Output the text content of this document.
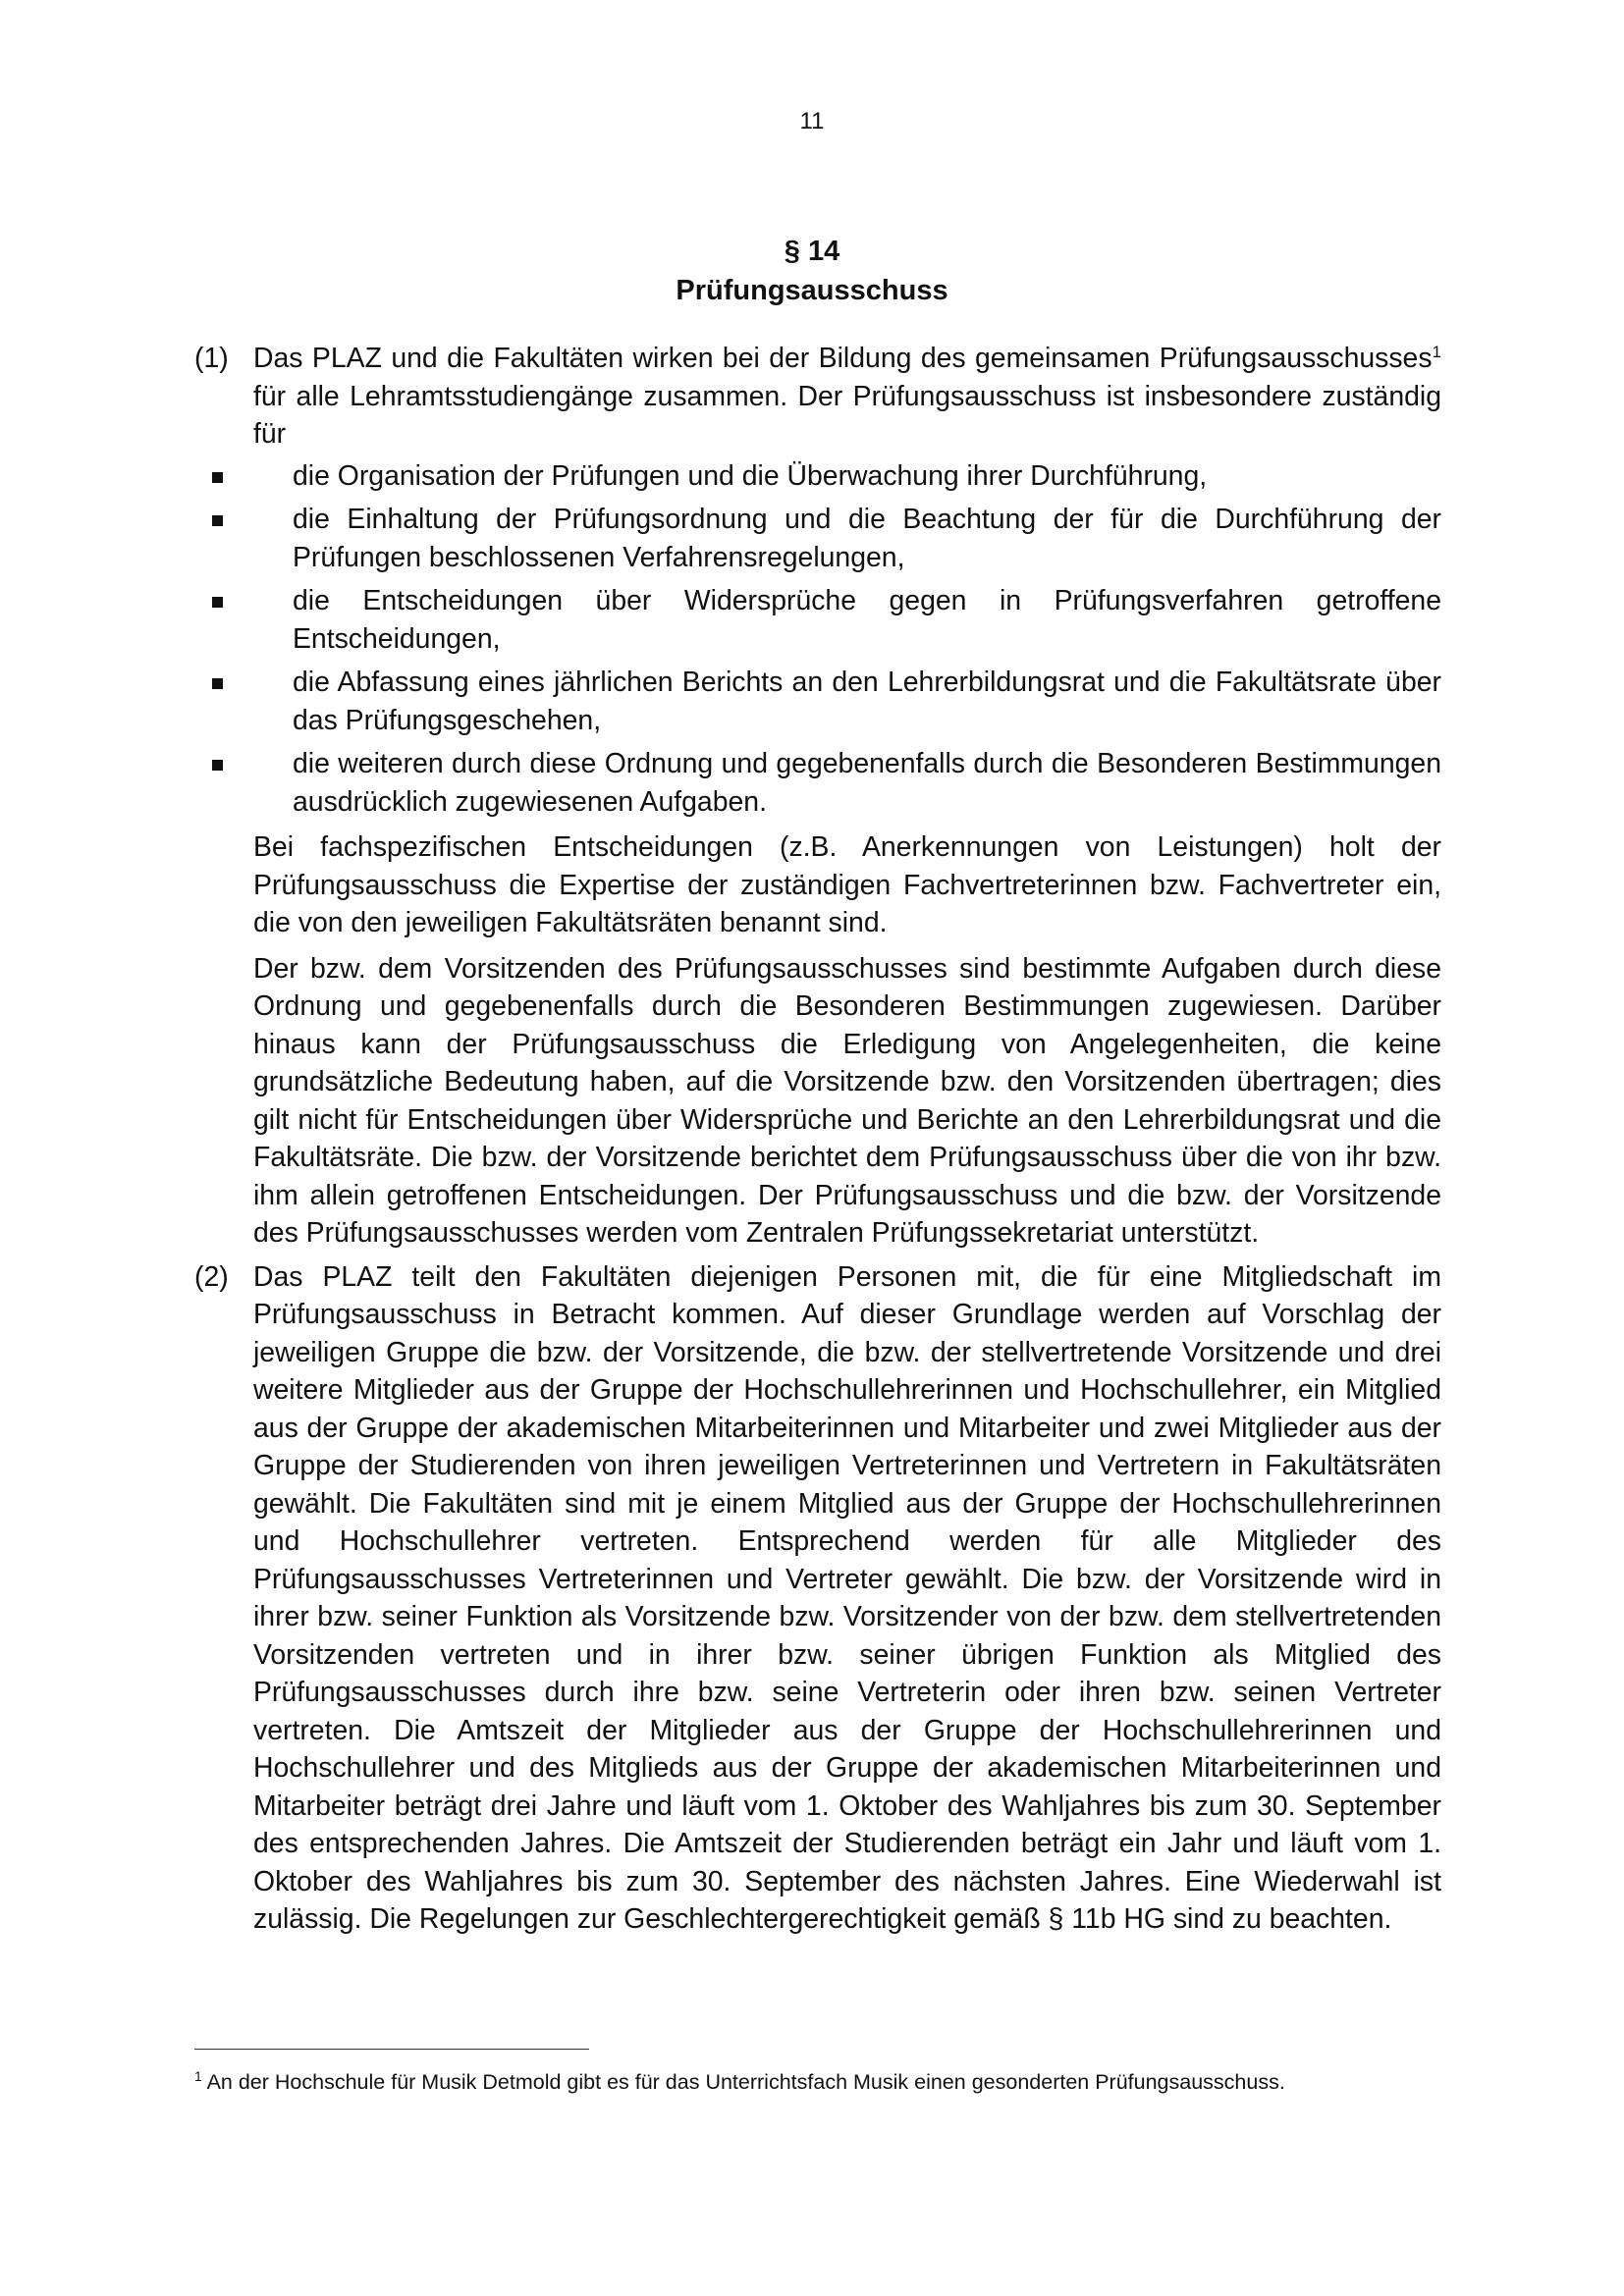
11
§ 14
Prüfungsausschuss
(1) Das PLAZ und die Fakultäten wirken bei der Bildung des gemeinsamen Prüfungsausschusses$^1$ für alle Lehramtsstudiengänge zusammen. Der Prüfungsausschuss ist insbesondere zuständig für
die Organisation der Prüfungen und die Überwachung ihrer Durchführung,
die Einhaltung der Prüfungsordnung und die Beachtung der für die Durchführung der Prüfungen beschlossenen Verfahrensregelungen,
die Entscheidungen über Widersprüche gegen in Prüfungsverfahren getroffene Entscheidungen,
die Abfassung eines jährlichen Berichts an den Lehrerbildungsrat und die Fakultätsrate über das Prüfungsgeschehen,
die weiteren durch diese Ordnung und gegebenenfalls durch die Besonderen Bestimmungen ausdrücklich zugewiesenen Aufgaben.

Bei fachspezifischen Entscheidungen (z.B. Anerkennungen von Leistungen) holt der Prüfungsausschuss die Expertise der zuständigen Fachvertreterinnen bzw. Fachvertreter ein, die von den jeweiligen Fakultätsräten benannt sind.

Der bzw. dem Vorsitzenden des Prüfungsausschusses sind bestimmte Aufgaben durch diese Ordnung und gegebenenfalls durch die Besonderen Bestimmungen zugewiesen. Darüber hinaus kann der Prüfungsausschuss die Erledigung von Angelegenheiten, die keine grundsätzliche Bedeutung haben, auf die Vorsitzende bzw. den Vorsitzenden übertragen; dies gilt nicht für Entscheidungen über Widersprüche und Berichte an den Lehrerbildungsrat und die Fakultätsräte. Die bzw. der Vorsitzende berichtet dem Prüfungsausschuss über die von ihr bzw. ihm allein getroffenen Entscheidungen. Der Prüfungsausschuss und die bzw. der Vorsitzende des Prüfungsausschusses werden vom Zentralen Prüfungssekretariat unterstützt.

(2) Das PLAZ teilt den Fakultäten diejenigen Personen mit, die für eine Mitgliedschaft im Prüfungsausschuss in Betracht kommen. Auf dieser Grundlage werden auf Vorschlag der jeweiligen Gruppe die bzw. der Vorsitzende, die bzw. der stellvertretende Vorsitzende und drei weitere Mitglieder aus der Gruppe der Hochschullehrerinnen und Hochschullehrer, ein Mitglied aus der Gruppe der akademischen Mitarbeiterinnen und Mitarbeiter und zwei Mitglieder aus der Gruppe der Studierenden von ihren jeweiligen Vertreterinnen und Vertretern in Fakultätsräten gewählt. Die Fakultäten sind mit je einem Mitglied aus der Gruppe der Hochschullehrerinnen und Hochschullehrer vertreten. Entsprechend werden für alle Mitglieder des Prüfungsausschusses Vertreterinnen und Vertreter gewählt. Die bzw. der Vorsitzende wird in ihrer bzw. seiner Funktion als Vorsitzende bzw. Vorsitzender von der bzw. dem stellvertretenden Vorsitzenden vertreten und in ihrer bzw. seiner übrigen Funktion als Mitglied des Prüfungsausschusses durch ihre bzw. seine Vertreterin oder ihren bzw. seinen Vertreter vertreten. Die Amtszeit der Mitglieder aus der Gruppe der Hochschullehrerinnen und Hochschullehrer und des Mitglieds aus der Gruppe der akademischen Mitarbeiterinnen und Mitarbeiter beträgt drei Jahre und läuft vom 1. Oktober des Wahljahres bis zum 30. September des entsprechenden Jahres. Die Amtszeit der Studierenden beträgt ein Jahr und läuft vom 1. Oktober des Wahljahres bis zum 30. September des nächsten Jahres. Eine Wiederwahl ist zulässig. Die Regelungen zur Geschlechtergerechtigkeit gemäß § 11b HG sind zu beachten.
$^1$ An der Hochschule für Musik Detmold gibt es für das Unterrichtsfach Musik einen gesonderten Prüfungsausschuss.
